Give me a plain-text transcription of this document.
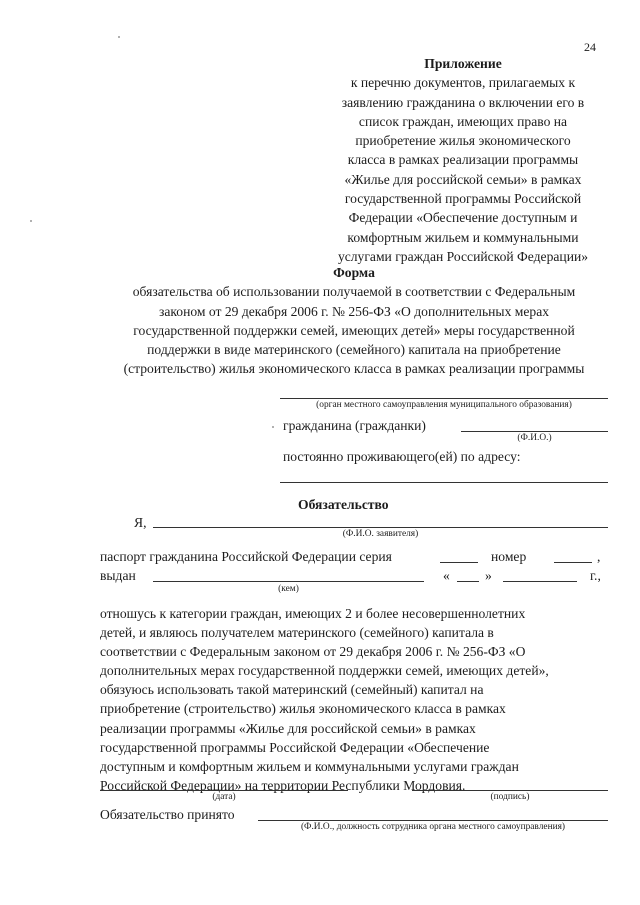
24
Приложение
к перечню документов, прилагаемых к
заявлению гражданина о включении его в
список граждан, имеющих право на
приобретение жилья экономического
класса в рамках реализации программы
«Жилье для российской семьи» в рамках
государственной программы Российской
Федерации «Обеспечение доступным и
комфортным жильем и коммунальными
услугами граждан Российской Федерации»
Форма
обязательства об использовании получаемой в соответствии с Федеральным
законом от 29 декабря 2006 г. № 256-ФЗ «О дополнительных мерах
государственной поддержки семей, имеющих детей» меры государственной
поддержки в виде материнского (семейного) капитала на приобретение
(строительство) жилья экономического класса в рамках реализации программы
(орган местного самоуправления муниципального образования)
гражданина (гражданки)
(Ф.И.О.)
постоянно проживающего(ей) по адресу:
Обязательство
Я,
(Ф.И.О. заявителя)
паспорт гражданина Российской Федерации серия	номер	,
выдан	«	»	г.,
(кем)
отношусь к категории граждан, имеющих 2 и более несовершеннолетних
детей, и являюсь получателем материнского (семейного) капитала в
соответствии с Федеральным законом от 29 декабря 2006 г. № 256-ФЗ «О
дополнительных мерах государственной поддержки семей, имеющих детей»,
обязуюсь использовать такой материнский (семейный) капитал на
приобретение (строительство) жилья экономического класса в рамках
реализации программы «Жилье для российской семьи» в рамках
государственной программы Российской Федерации «Обеспечение
доступным и комфортным жильем и коммунальными услугами граждан
Российской Федерации» на территории Республики Мордовия.
(дата)	(подпись)
Обязательство принято
(Ф.И.О., должность сотрудника органа местного самоуправления)
